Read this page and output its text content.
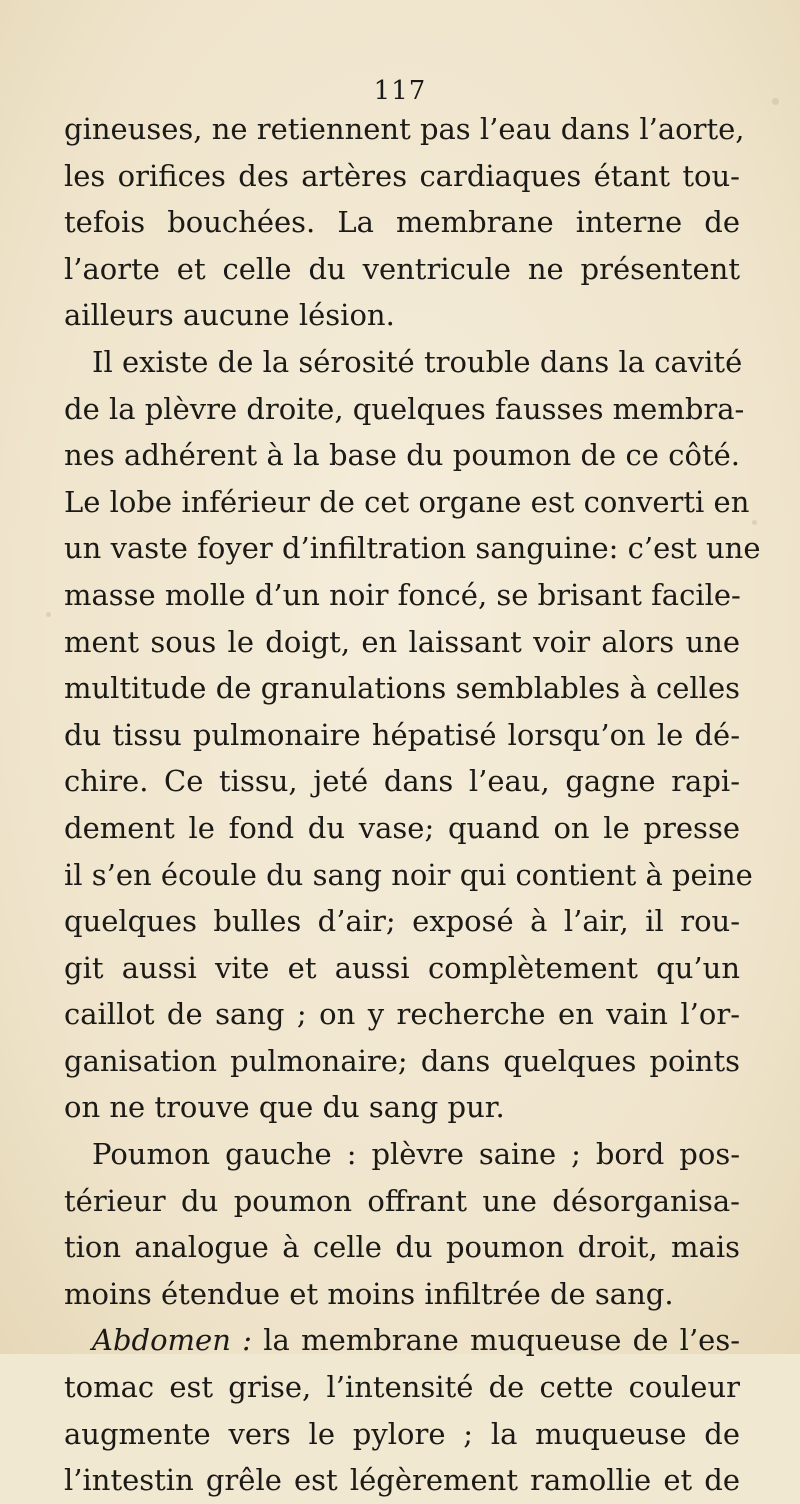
117
gineuses, ne retiennent pas l’eau dans l’aorte,
les orifices des artères cardiaques étant tou-
tefois bouchées. La membrane interne de
l’aorte et celle du ventricule ne présentent
ailleurs aucune lésion.
Il existe de la sérosité trouble dans la cavité
de la plèvre droite, quelques fausses membra-
nes adhérent à la base du poumon de ce côté.
Le lobe inférieur de cet organe est converti en
un vaste foyer d’infiltration sanguine: c’est une
masse molle d’un noir foncé, se brisant facile-
ment sous le doigt, en laissant voir alors une
multitude de granulations semblables à celles
du tissu pulmonaire hépatisé lorsqu’on le dé-
chire. Ce tissu, jeté dans l’eau, gagne rapi-
dement le fond du vase; quand on le presse
il s’en écoule du sang noir qui contient à peine
quelques bulles d’air; exposé à l’air, il rou-
git aussi vite et aussi complètement qu’un
caillot de sang ; on y recherche en vain l’or-
ganisation pulmonaire; dans quelques points
on ne trouve que du sang pur.
Poumon gauche : plèvre saine ; bord pos-
térieur du poumon offrant une désorganisa-
tion analogue à celle du poumon droit, mais
moins étendue et moins infiltrée de sang.
Abdomen : la membrane muqueuse de l’es-
tomac est grise, l’intensité de cette couleur
augmente vers le pylore ; la muqueuse de
l’intestin grêle est légèrement ramollie et de
